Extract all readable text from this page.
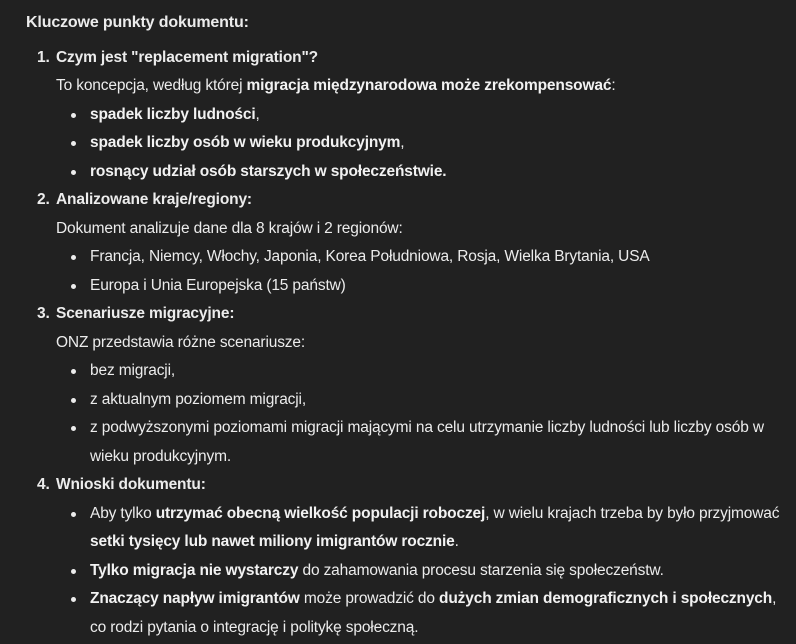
Kluczowe punkty dokumentu:
1. Czym jest "replacement migration"?

To koncepcja, według której migracja międzynarodowa może zrekompensować:

spadek liczby ludności,
spadek liczby osób w wieku produkcyjnym,
rosnący udział osób starszych w społeczeństwie.
2. Analizowane kraje/regiony:

Dokument analizuje dane dla 8 krajów i 2 regionów:

Francja, Niemcy, Włochy, Japonia, Korea Południowa, Rosja, Wielka Brytania, USA
Europa i Unia Europejska (15 państw)
3. Scenariusze migracyjne:

ONZ przedstawia różne scenariusze:

bez migracji,
z aktualnym poziomem migracji,
z podwyższonymi poziomami migracji mającymi na celu utrzymanie liczby ludności lub liczby osób w wieku produkcyjnym.
4. Wnioski dokumentu:
Aby tylko utrzymać obecną wielkość populacji roboczej, w wielu krajach trzeba by było przyjmować setki tysięcy lub nawet miliony imigrantów rocznie.
Tylko migracja nie wystarczy do zahamowania procesu starzenia się społeczeństw.
Znaczący napływ imigrantów może prowadzić do dużych zmian demograficznych i społecznych, co rodzi pytania o integrację i politykę społeczną.
